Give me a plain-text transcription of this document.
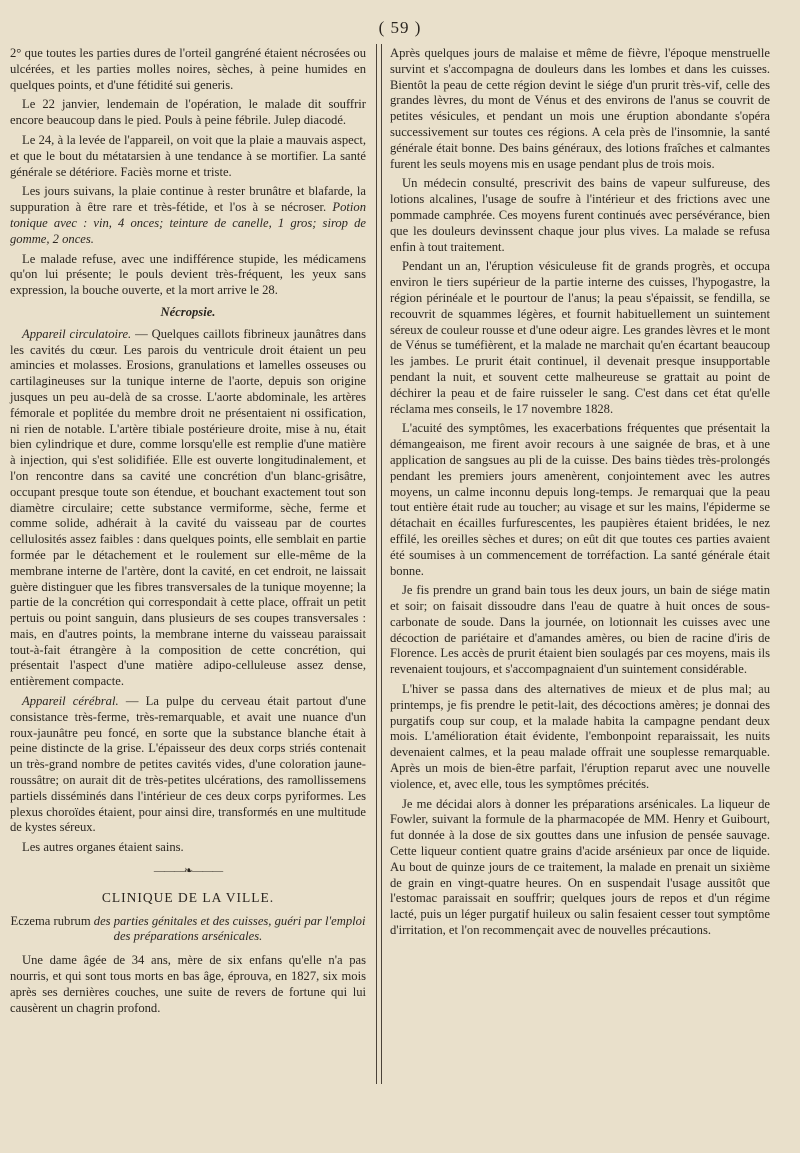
( 59 )

2° que toutes les parties dures de l'orteil gangréné étaient nécrosées ou ulcérées, et les parties molles noires, sèches, à peine humides en quelques points, et d'une fétidité sui generis.

Le 22 janvier, lendemain de l'opération, le malade dit souffrir encore beaucoup dans le pied. Pouls à peine fébrile. Julep diacodé.

Le 24, à la levée de l'appareil, on voit que la plaie a mauvais aspect, et que le bout du métatarsien à une tendance à se mortifier. La santé générale se détériore. Faciès morne et triste.

Les jours suivans, la plaie continue à rester brunâtre et blafarde, la suppuration à être rare et très-fétide, et l'os à se nécroser. Potion tonique avec : vin, 4 onces; teinture de canelle, 1 gros; sirop de gomme, 2 onces.

Le malade refuse, avec une indifférence stupide, les médicamens qu'on lui présente; le pouls devient très-fréquent, les yeux sans expression, la bouche ouverte, et la mort arrive le 28.

Nécropsie.

Appareil circulatoire. — Quelques caillots fibrineux jaunâtres dans les cavités du cœur. Les parois du ventricule droit étaient un peu amincies et molasses. Erosions, granulations et lamelles osseuses ou cartilagineuses sur la tunique interne de l'aorte, depuis son origine jusques un peu au-delà de sa crosse. L'aorte abdominale, les artères fémorale et poplitée du membre droit ne présentaient ni ossification, ni rien de notable. L'artère tibiale postérieure droite, mise à nu, était bien cylindrique et dure, comme lorsqu'elle est remplie d'une matière à injection, qui s'est solidifiée. Elle est ouverte longitudinalement, et l'on rencontre dans sa cavité une concrétion d'un blanc-grisâtre, occupant presque toute son étendue, et bouchant exactement tout son diamètre circulaire; cette substance vermiforme, sèche, ferme et comme solide, adhérait à la cavité du vaisseau par de courtes cellulosités assez faibles : dans quelques points, elle semblait en partie formée par le détachement et le roulement sur elle-même de la membrane interne de l'artère, dont la cavité, en cet endroit, ne laissait guère distinguer que les fibres transversales de la tunique moyenne; la partie de la concrétion qui correspondait à cette place, offrait un petit pertuis ou point sanguin, dans plusieurs de ses coupes transversales : mais, en d'autres points, la membrane interne du vaisseau paraissait tout-à-fait étrangère à la composition de cette concrétion, qui présentait l'aspect d'une matière adipo-celluleuse assez dense, entièrement compacte.

Appareil cérébral. — La pulpe du cerveau était partout d'une consistance très-ferme, très-remarquable, et avait une nuance d'un roux-jaunâtre peu foncé, en sorte que la substance blanche était à peine distincte de la grise. L'épaisseur des deux corps striés contenait un très-grand nombre de petites cavités vides, d'une coloration jaune-roussâtre; on aurait dit de très-petites ulcérations, des ramollissemens partiels disséminés dans l'intérieur de ces deux corps pyriformes. Les plexus choroïdes étaient, pour ainsi dire, transformés en une multitude de kystes séreux.

Les autres organes étaient sains.

———❧———
CLINIQUE DE LA VILLE.
Eczema rubrum des parties génitales et des cuisses, guéri par l'emploi des préparations arsénicales.

Une dame âgée de 34 ans, mère de six enfans qu'elle n'a pas nourris, et qui sont tous morts en bas âge, éprouva, en 1827, six mois après ses dernières couches, une suite de revers de fortune qui lui causèrent un chagrin profond.

Après quelques jours de malaise et même de fièvre, l'époque menstruelle survint et s'accompagna de douleurs dans les lombes et dans les cuisses. Bientôt la peau de cette région devint le siége d'un prurit très-vif, celle des grandes lèvres, du mont de Vénus et des environs de l'anus se couvrit de petites vésicules, et pendant un mois une éruption abondante s'opéra successivement sur toutes ces régions. A cela près de l'insomnie, la santé générale était bonne. Des bains généraux, des lotions fraîches et calmantes furent les seuls moyens mis en usage pendant plus de trois mois.

Un médecin consulté, prescrivit des bains de vapeur sulfureuse, des lotions alcalines, l'usage de soufre à l'intérieur et des frictions avec une pommade camphrée. Ces moyens furent continués avec persévérance, bien que les douleurs devinssent chaque jour plus vives. La malade se refusa enfin à tout traitement.

Pendant un an, l'éruption vésiculeuse fit de grands progrès, et occupa environ le tiers supérieur de la partie interne des cuisses, l'hypogastre, la région périnéale et le pourtour de l'anus; la peau s'épaissit, se fendilla, se recouvrit de squammes légères, et fournit habituellement un suintement séreux de couleur rousse et d'une odeur aigre. Les grandes lèvres et le mont de Vénus se tuméfièrent, et la malade ne marchait qu'en écartant beaucoup les jambes. Le prurit était continuel, il devenait presque insupportable pendant la nuit, et souvent cette malheureuse se grattait au point de déchirer la peau et de faire ruisseler le sang. C'est dans cet état qu'elle réclama mes conseils, le 17 novembre 1828.

L'acuité des symptômes, les exacerbations fréquentes que présentait la démangeaison, me firent avoir recours à une saignée de bras, et à une application de sangsues au pli de la cuisse. Des bains tièdes très-prolongés pendant les premiers jours amenèrent, conjointement avec les autres moyens, un calme inconnu depuis long-temps. Je remarquai que la peau tout entière était rude au toucher; au visage et sur les mains, l'épiderme se détachait en écailles furfurescentes, les paupières étaient bridées, le nez effilé, les oreilles sèches et dures; on eût dit que toutes ces parties avaient été soumises à un commencement de torréfaction. La santé générale était bonne.

Je fis prendre un grand bain tous les deux jours, un bain de siége matin et soir; on faisait dissoudre dans l'eau de quatre à huit onces de sous-carbonate de soude. Dans la journée, on lotionnait les cuisses avec une décoction de pariétaire et d'amandes amères, ou bien de racine d'iris de Florence. Les accès de prurit étaient bien soulagés par ces moyens, mais ils revenaient toujours, et s'accompagnaient d'un suintement considérable.

L'hiver se passa dans des alternatives de mieux et de plus mal; au printemps, je fis prendre le petit-lait, des décoctions amères; je donnai des purgatifs coup sur coup, et la malade habita la campagne pendant deux mois. L'amélioration était évidente, l'embonpoint reparaissait, les nuits devenaient calmes, et la peau malade offrait une souplesse remarquable. Après un mois de bien-être parfait, l'éruption reparut avec une nouvelle violence, et, avec elle, tous les symptômes précités.

Je me décidai alors à donner les préparations arsénicales. La liqueur de Fowler, suivant la formule de la pharmacopée de MM. Henry et Guibourt, fut donnée à la dose de six gouttes dans une infusion de pensée sauvage. Cette liqueur contient quatre grains d'acide arsénieux par once de liquide. Au bout de quinze jours de ce traitement, la malade en prenait un sixième de grain en vingt-quatre heures. On en suspendait l'usage aussitôt que l'estomac paraissait en souffrir; quelques jours de repos et d'un régime lacté, puis un léger purgatif huileux ou salin fesaient cesser tout symptôme d'irritation, et l'on recommençait avec de nouvelles précautions.
